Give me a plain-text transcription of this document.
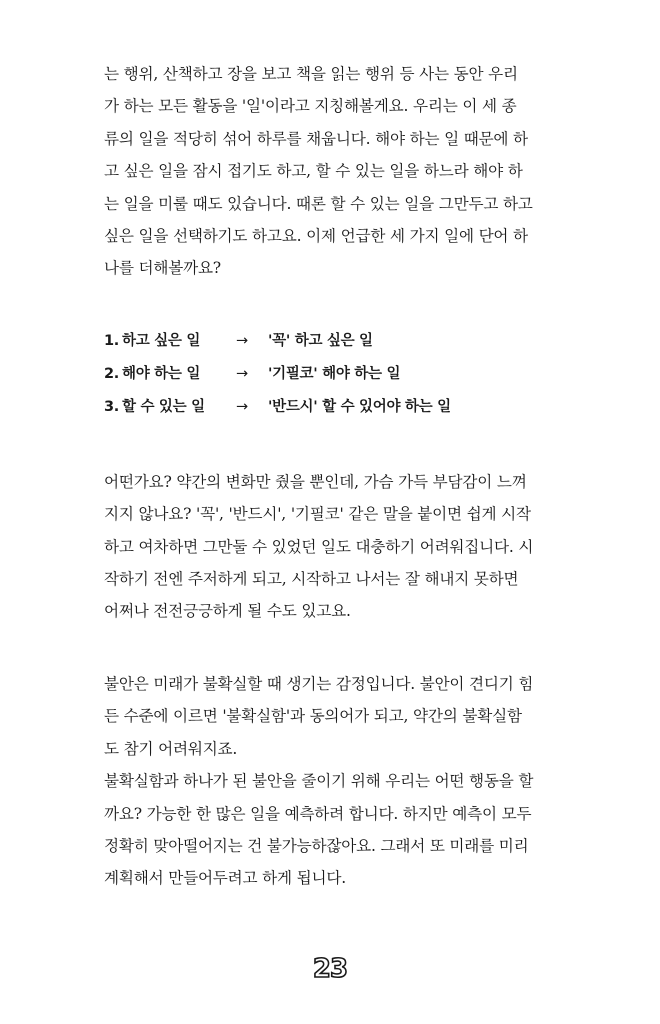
는 행위, 산책하고 장을 보고 책을 읽는 행위 등 사는 동안 우리
가 하는 모든 활동을 '일'이라고 지칭해볼게요. 우리는 이 세 종
류의 일을 적당히 섞어 하루를 채웁니다. 해야 하는 일 때문에 하
고 싶은 일을 잠시 접기도 하고, 할 수 있는 일을 하느라 해야 하
는 일을 미룰 때도 있습니다. 때론 할 수 있는 일을 그만두고 하고
싶은 일을 선택하기도 하고요. 이제 언급한 세 가지 일에 단어 하
나를 더해볼까요?

1. 하고 싶은 일	→	'꼭' 하고 싶은 일
2. 해야 하는 일	→	'기필코' 해야 하는 일
3. 할 수 있는 일	→	'반드시' 할 수 있어야 하는 일

어떤가요? 약간의 변화만 줬을 뿐인데, 가슴 가득 부담감이 느껴
지지 않나요? '꼭', '반드시', '기필코' 같은 말을 붙이면 쉽게 시작
하고 여차하면 그만둘 수 있었던 일도 대충하기 어려워집니다. 시
작하기 전엔 주저하게 되고, 시작하고 나서는 잘 해내지 못하면
어쩌나 전전긍긍하게 될 수도 있고요.

불안은 미래가 불확실할 때 생기는 감정입니다. 불안이 견디기 힘
든 수준에 이르면 '불확실함'과 동의어가 되고, 약간의 불확실함
도 참기 어려워지죠.
불확실함과 하나가 된 불안을 줄이기 위해 우리는 어떤 행동을 할
까요? 가능한 한 많은 일을 예측하려 합니다. 하지만 예측이 모두
정확히 맞아떨어지는 건 불가능하잖아요. 그래서 또 미래를 미리
계획해서 만들어두려고 하게 됩니다.

23
